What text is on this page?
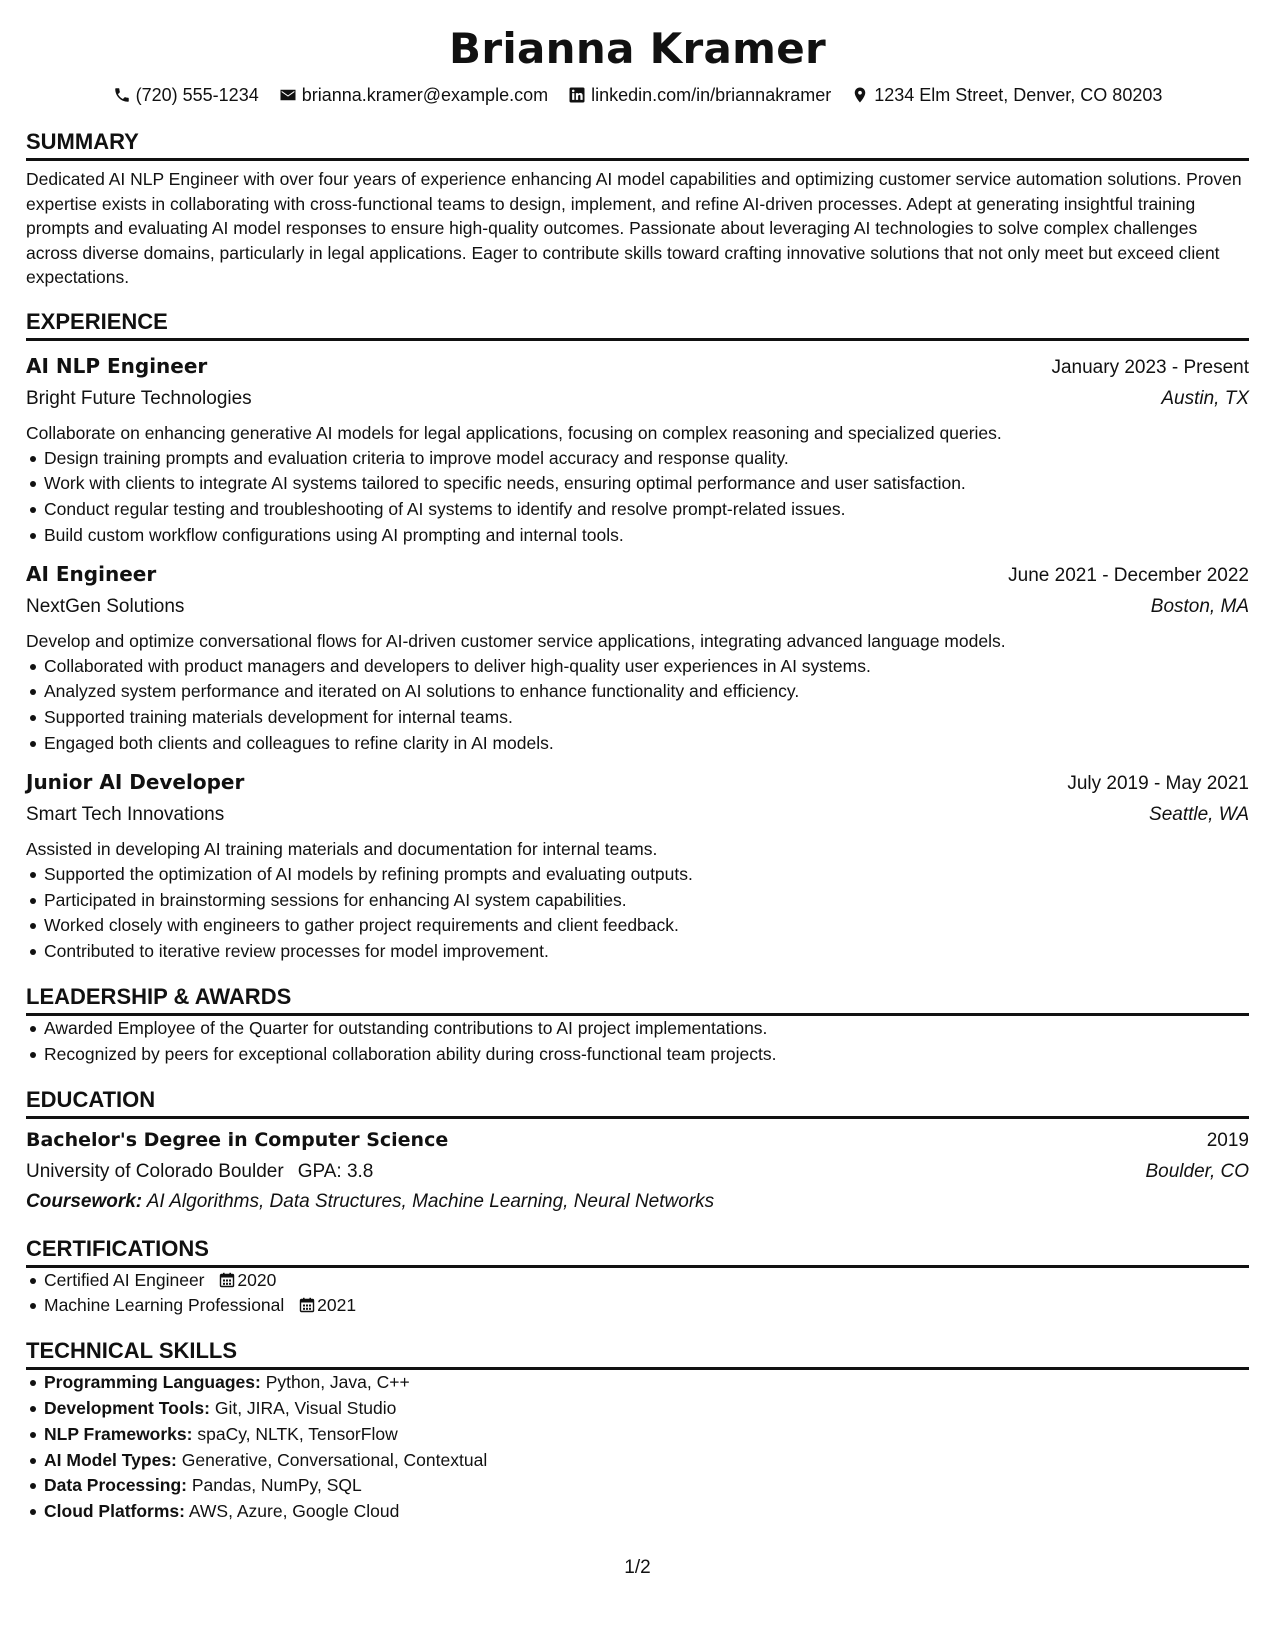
Brianna Kramer
(720) 555-1234 brianna.kramer@example.com linkedin.com/in/briannakramer 1234 Elm Street, Denver, CO 80203
SUMMARY

Dedicated AI NLP Engineer with over four years of experience enhancing AI model capabilities and optimizing customer service automation solutions. Proven expertise exists in collaborating with cross-functional teams to design, implement, and refine AI-driven processes. Adept at generating insightful training prompts and evaluating AI model responses to ensure high-quality outcomes. Passionate about leveraging AI technologies to solve complex challenges across diverse domains, particularly in legal applications. Eager to contribute skills toward crafting innovative solutions that not only meet but exceed client expectations.

EXPERIENCE
AI NLP Engineer	January 2023 - Present
Bright Future Technologies	Austin, TX
Collaborate on enhancing generative AI models for legal applications, focusing on complex reasoning and specialized queries.
Design training prompts and evaluation criteria to improve model accuracy and response quality.
Work with clients to integrate AI systems tailored to specific needs, ensuring optimal performance and user satisfaction.
Conduct regular testing and troubleshooting of AI systems to identify and resolve prompt-related issues.
Build custom workflow configurations using AI prompting and internal tools.
AI Engineer	June 2021 - December 2022
NextGen Solutions	Boston, MA
Develop and optimize conversational flows for AI-driven customer service applications, integrating advanced language models.
Collaborated with product managers and developers to deliver high-quality user experiences in AI systems.
Analyzed system performance and iterated on AI solutions to enhance functionality and efficiency.
Supported training materials development for internal teams.
Engaged both clients and colleagues to refine clarity in AI models.
Junior AI Developer	July 2019 - May 2021
Smart Tech Innovations	Seattle, WA
Assisted in developing AI training materials and documentation for internal teams.
Supported the optimization of AI models by refining prompts and evaluating outputs.
Participated in brainstorming sessions for enhancing AI system capabilities.
Worked closely with engineers to gather project requirements and client feedback.
Contributed to iterative review processes for model improvement.
LEADERSHIP & AWARDS
Awarded Employee of the Quarter for outstanding contributions to AI project implementations.
Recognized by peers for exceptional collaboration ability during cross-functional team projects.
EDUCATION
Bachelor's Degree in Computer Science	2019
University of Colorado Boulder GPA: 3.8	Boulder, CO
Coursework: AI Algorithms, Data Structures, Machine Learning, Neural Networks
CERTIFICATIONS
Certified AI Engineer 2020
Machine Learning Professional 2021
TECHNICAL SKILLS
Programming Languages: Python, Java, C++
Development Tools: Git, JIRA, Visual Studio
NLP Frameworks: spaCy, NLTK, TensorFlow
AI Model Types: Generative, Conversational, Contextual
Data Processing: Pandas, NumPy, SQL
Cloud Platforms: AWS, Azure, Google Cloud
1/2
